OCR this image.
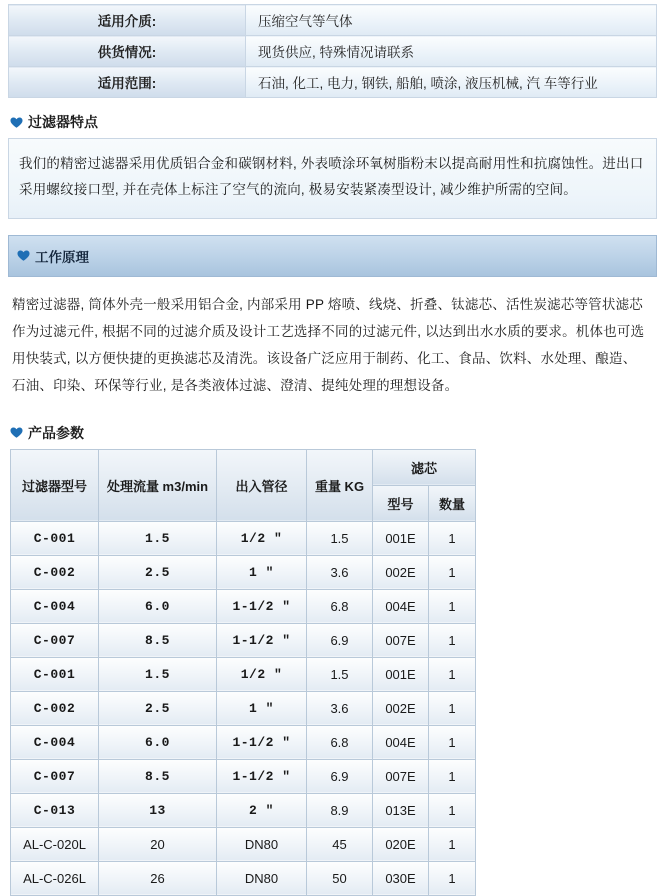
适用介质:	压缩空气等气体
供货情况:	现货供应, 特殊情况请联系
适用范围:	石油, 化工, 电力, 钢铁, 船舶, 喷涂, 液压机械, 汽 车等行业
过滤器特点
我们的精密过滤器采用优质铝合金和碳钢材料, 外表喷涂环氧树脂粉末以提高耐用性和抗腐蚀性。进出口采用螺纹接口型, 并在壳体上标注了空气的流向, 极易安装紧凑型设计, 减少维护所需的空间。
工作原理
精密过滤器, 筒体外壳一般采用铝合金, 内部采用 PP 熔喷、线烧、折叠、钛滤芯、活性炭滤芯等管状滤芯作为过滤元件, 根据不同的过滤介质及设计工艺选择不同的过滤元件, 以达到出水水质的要求。机体也可选用快装式, 以方便快捷的更换滤芯及清洗。该设备广泛应用于制药、化工、食品、饮料、水处理、酿造、石油、印染、环保等行业, 是各类液体过滤、澄清、提纯处理的理想设备。
产品参数
过滤器型号	处理流量 m3/min	出入管径	重量 KG	滤芯	
				型号	数量
C-001	1.5	1/2 "	1.5	001E	1
C-002	2.5	1 "	3.6	002E	1
C-004	6.0	1-1/2 "	6.8	004E	1
C-007	8.5	1-1/2 "	6.9	007E	1
C-001	1.5	1/2 "	1.5	001E	1
C-002	2.5	1 "	3.6	002E	1
C-004	6.0	1-1/2 "	6.8	004E	1
C-007	8.5	1-1/2 "	6.9	007E	1
C-013	13	2 "	8.9	013E	1
AL-C-020L	20	DN80	45	020E	1
AL-C-026L	26	DN80	50	030E	1
